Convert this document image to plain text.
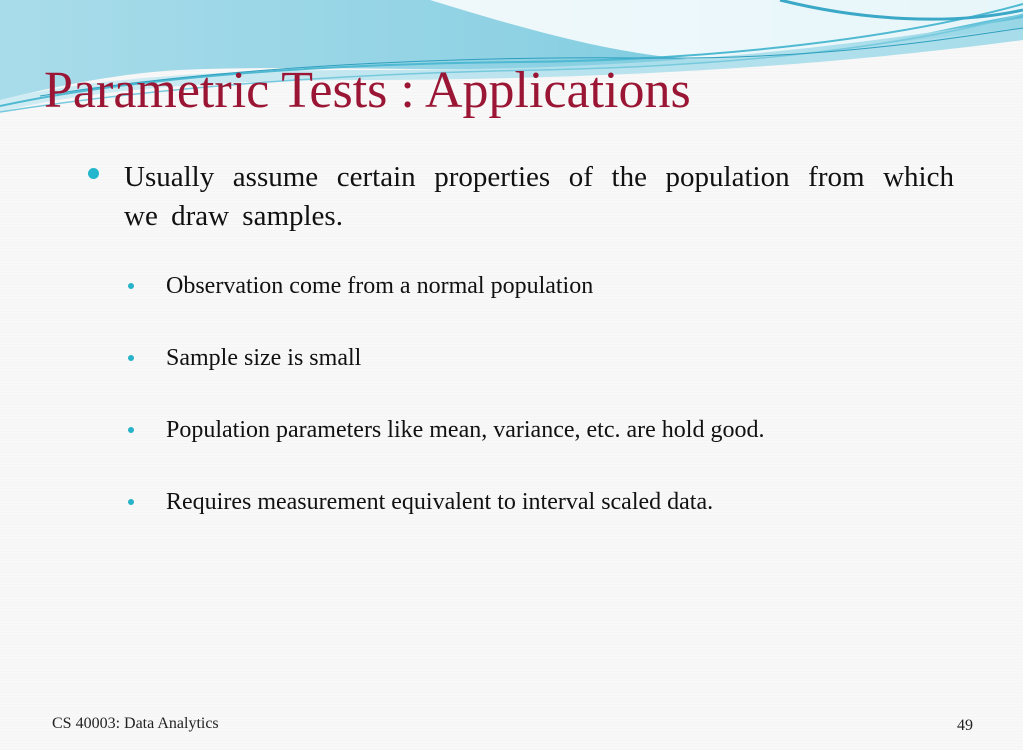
Parametric Tests : Applications

Usually assume certain properties of the population from which we draw samples.

Observation come from a normal population
Sample size is small
Population parameters like mean, variance, etc. are hold good.
Requires measurement equivalent to interval scaled data.
CS 40003: Data Analytics	49
